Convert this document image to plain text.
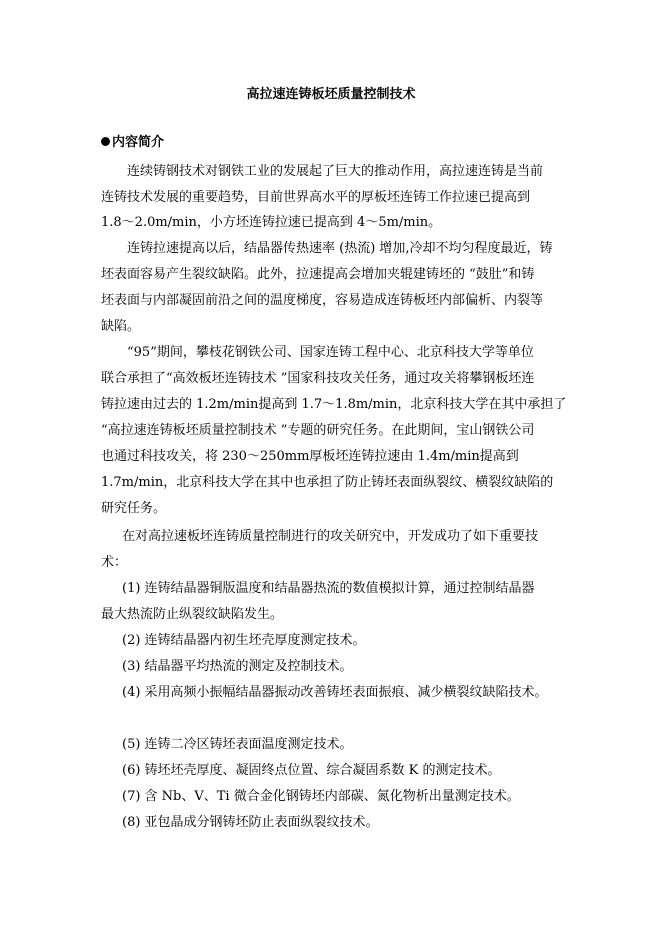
高拉速连铸板坯质量控制技术
内容简介
连续铸钢技术对钢铁工业的发展起了巨大的推动作用，高拉速连铸是当前
连铸技术发展的重要趋势，目前世界高水平的厚板坯连铸工作拉速已提高到
1.8～2.0m/min，小方坯连铸拉速已提高到 4～5m/min。
连铸拉速提高以后，结晶器传热速率 (热流) 增加,冷却不均匀程度最近，铸
坯表面容易产生裂纹缺陷。此外，拉速提高会增加夹辊建铸坯的 “鼓肚”和铸
坯表面与内部凝固前沿之间的温度梯度，容易造成连铸板坯内部偏析、内裂等
缺陷。
“95”期间，攀枝花钢铁公司、国家连铸工程中心、北京科技大学等单位
联合承担了“高效板坯连铸技术 ”国家科技攻关任务，通过攻关将攀钢板坯连
铸拉速由过去的 1.2m/min提高到 1.7～1.8m/min，北京科技大学在其中承担了
“高拉速连铸板坯质量控制技术 ”专题的研究任务。在此期间，宝山钢铁公司
也通过科技攻关，将 230～250mm厚板坯连铸拉速由 1.4m/min提高到
1.7m/min，北京科技大学在其中也承担了防止铸坯表面纵裂纹、横裂纹缺陷的
研究任务。
在对高拉速板坯连铸质量控制进行的攻关研究中，开发成功了如下重要技
术：
(1) 连铸结晶器铜版温度和结晶器热流的数值模拟计算，通过控制结晶器
最大热流防止纵裂纹缺陷发生。
(2) 连铸结晶器内初生坯壳厚度测定技术。
(3) 结晶器平均热流的测定及控制技术。
(4) 采用高频小振幅结晶器振动改善铸坯表面振痕、减少横裂纹缺陷技术。
(5) 连铸二冷区铸坯表面温度测定技术。
(6) 铸坯坯壳厚度、凝固终点位置、综合凝固系数 K 的测定技术。
(7) 含 Nb、V、Ti 微合金化钢铸坯内部碳、氮化物析出量测定技术。
(8) 亚包晶成分钢铸坯防止表面纵裂纹技术。
